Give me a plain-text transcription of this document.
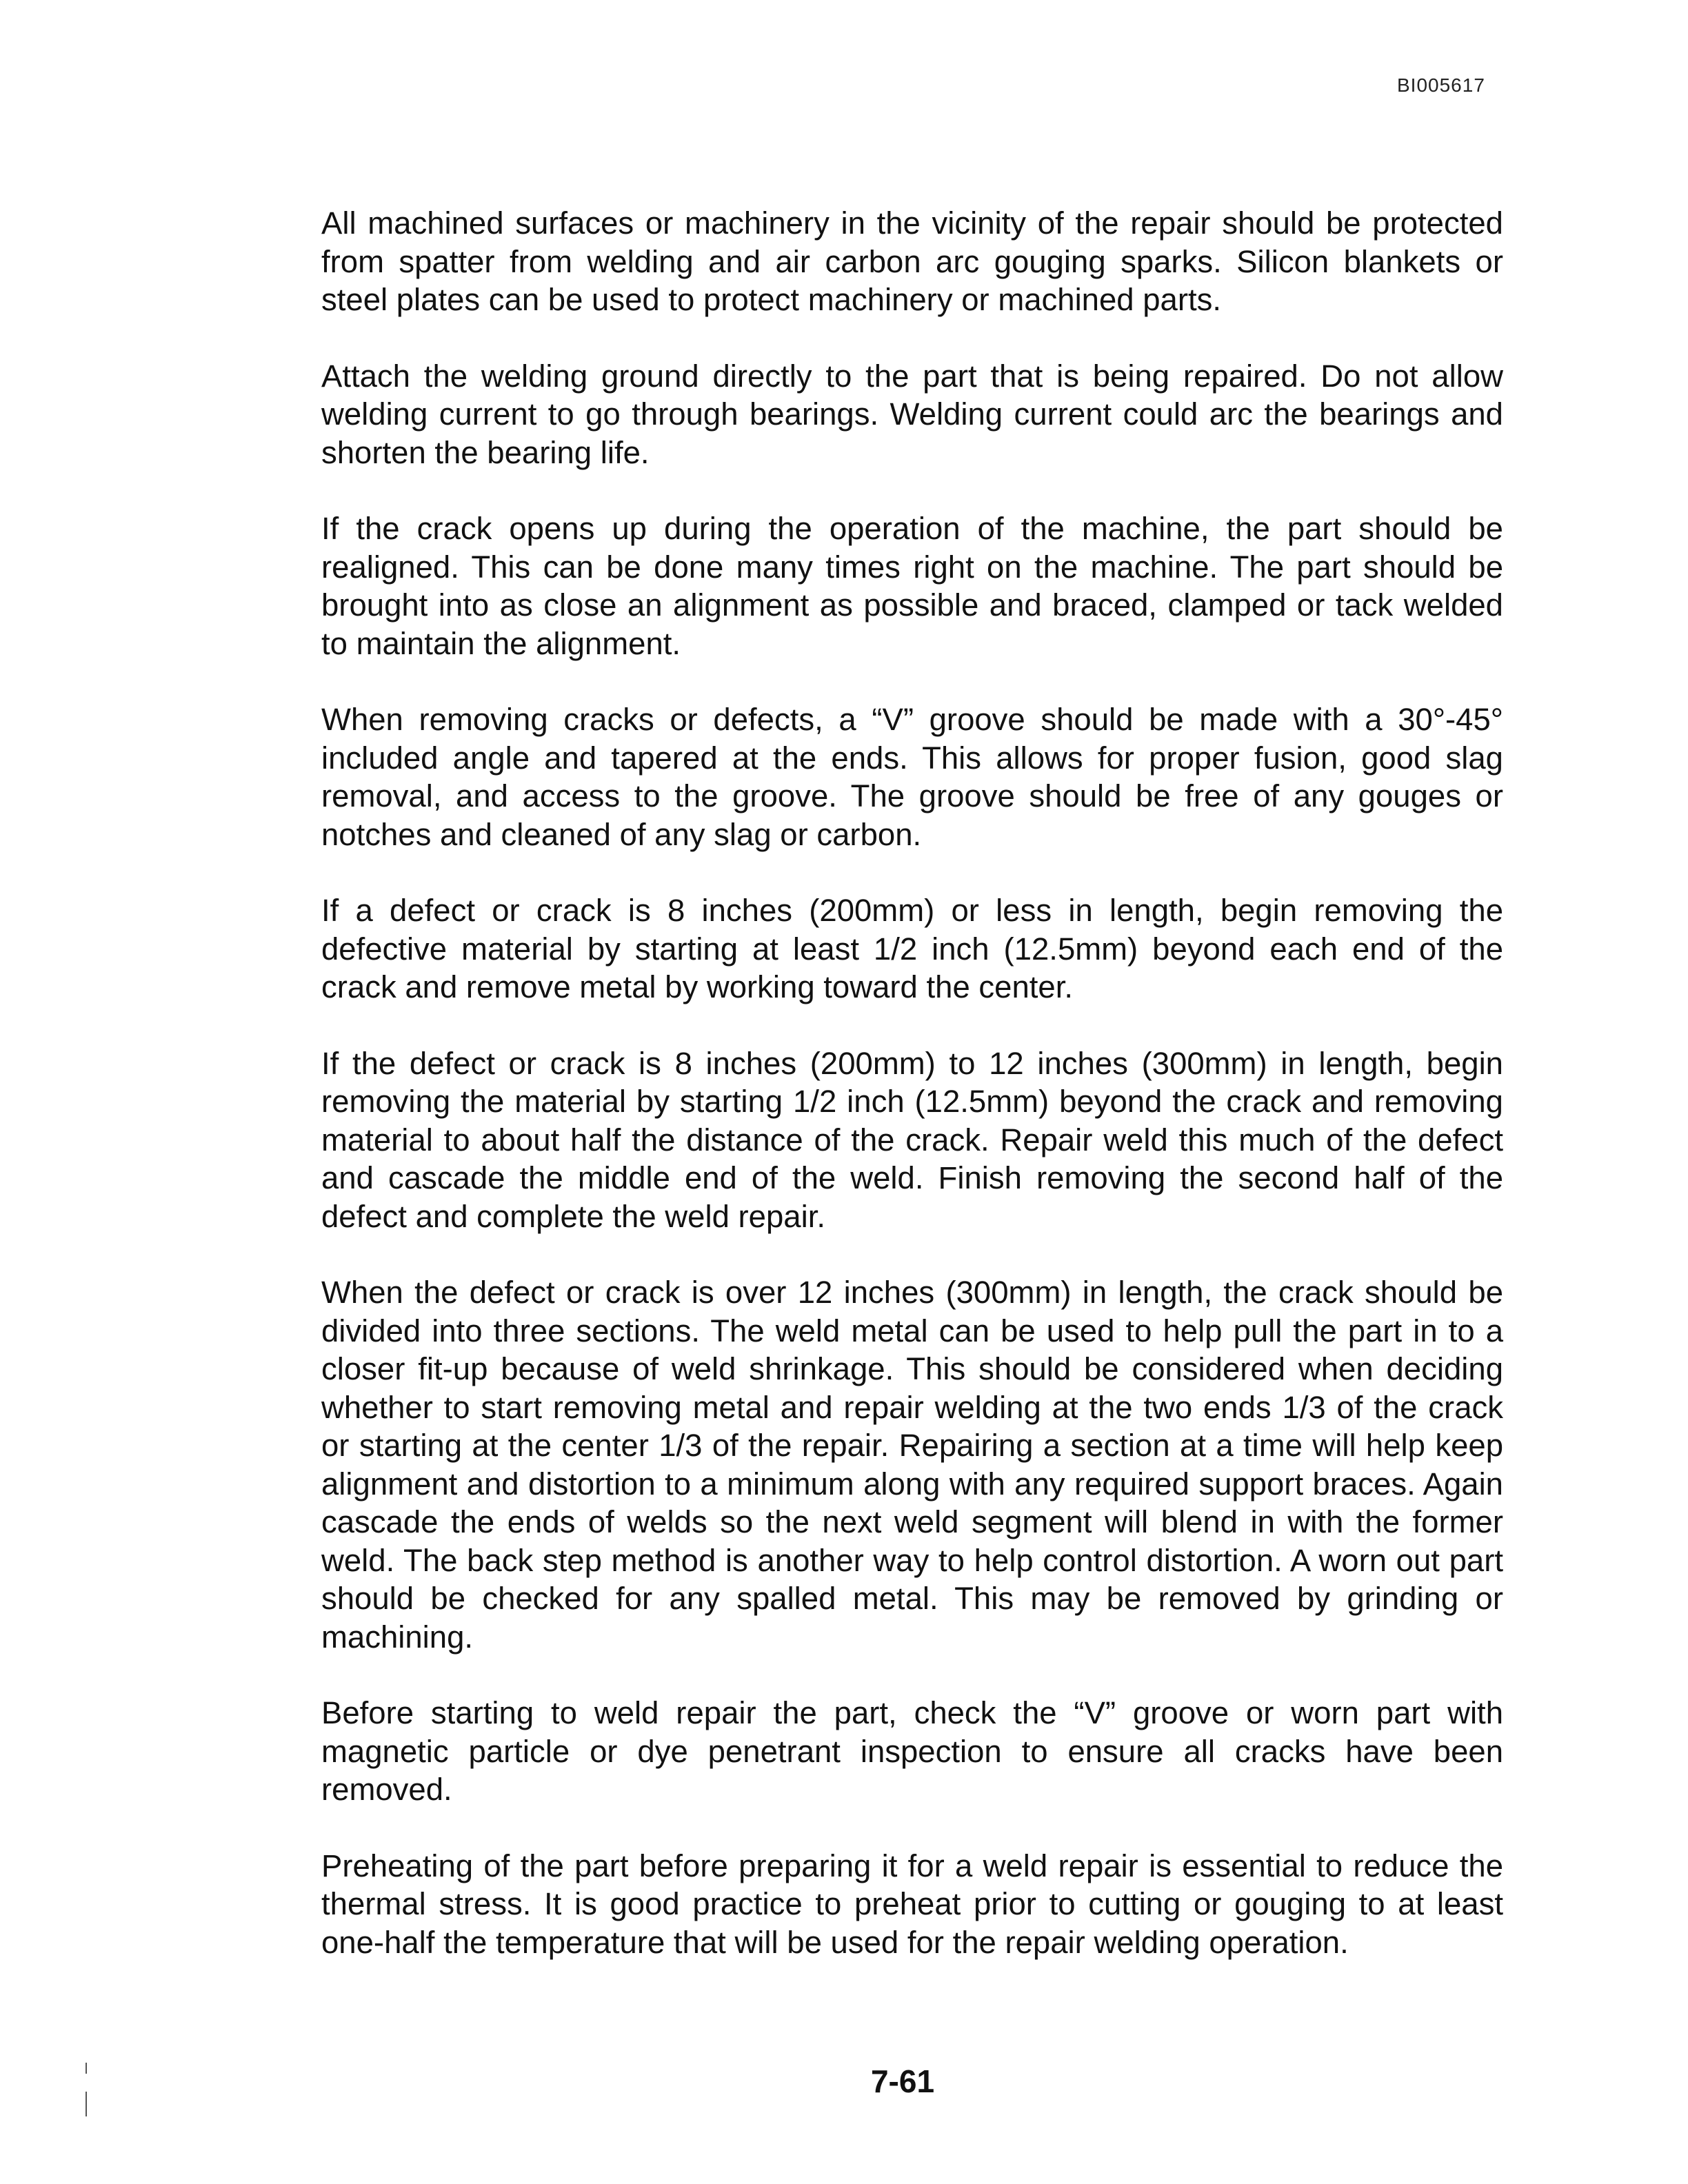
BI005617

All machined surfaces or machinery in the vicinity of the repair should be protected from spatter from welding and air carbon arc gouging sparks. Silicon blankets or steel plates can be used to protect machinery or machined parts.

Attach the welding ground directly to the part that is being repaired. Do not allow welding current to go through bearings. Welding current could arc the bearings and shorten the bearing life.

If the crack opens up during the operation of the machine, the part should be realigned. This can be done many times right on the machine. The part should be brought into as close an alignment as possible and braced, clamped or tack welded to maintain the alignment.

When removing cracks or defects, a “V” groove should be made with a 30°-45° included angle and tapered at the ends. This allows for proper fusion, good slag removal, and access to the groove. The groove should be free of any gouges or notches and cleaned of any slag or carbon.

If a defect or crack is 8 inches (200mm) or less in length, begin removing the defective material by starting at least 1/2 inch (12.5mm) beyond each end of the crack and remove metal by working toward the center.

If the defect or crack is 8 inches (200mm) to 12 inches (300mm) in length, begin removing the material by starting 1/2 inch (12.5mm) beyond the crack and removing material to about half the distance of the crack. Repair weld this much of the defect and cascade the middle end of the weld. Finish removing the second half of the defect and complete the weld repair.

When the defect or crack is over 12 inches (300mm) in length, the crack should be divided into three sections. The weld metal can be used to help pull the part in to a closer fit-up because of weld shrinkage. This should be considered when deciding whether to start removing metal and repair welding at the two ends 1/3 of the crack or starting at the center 1/3 of the repair. Repairing a section at a time will help keep alignment and distortion to a minimum along with any required support braces. Again cascade the ends of welds so the next weld segment will blend in with the former weld. The back step method is another way to help control distortion. A worn out part should be checked for any spalled metal. This may be removed by grinding or machining.

Before starting to weld repair the part, check the “V” groove or worn part with magnetic particle or dye penetrant inspection to ensure all cracks have been removed.

Preheating of the part before preparing it for a weld repair is essential to reduce the thermal stress. It is good practice to preheat prior to cutting or gouging to at least one-half the temperature that will be used for the repair welding operation.

7-61
